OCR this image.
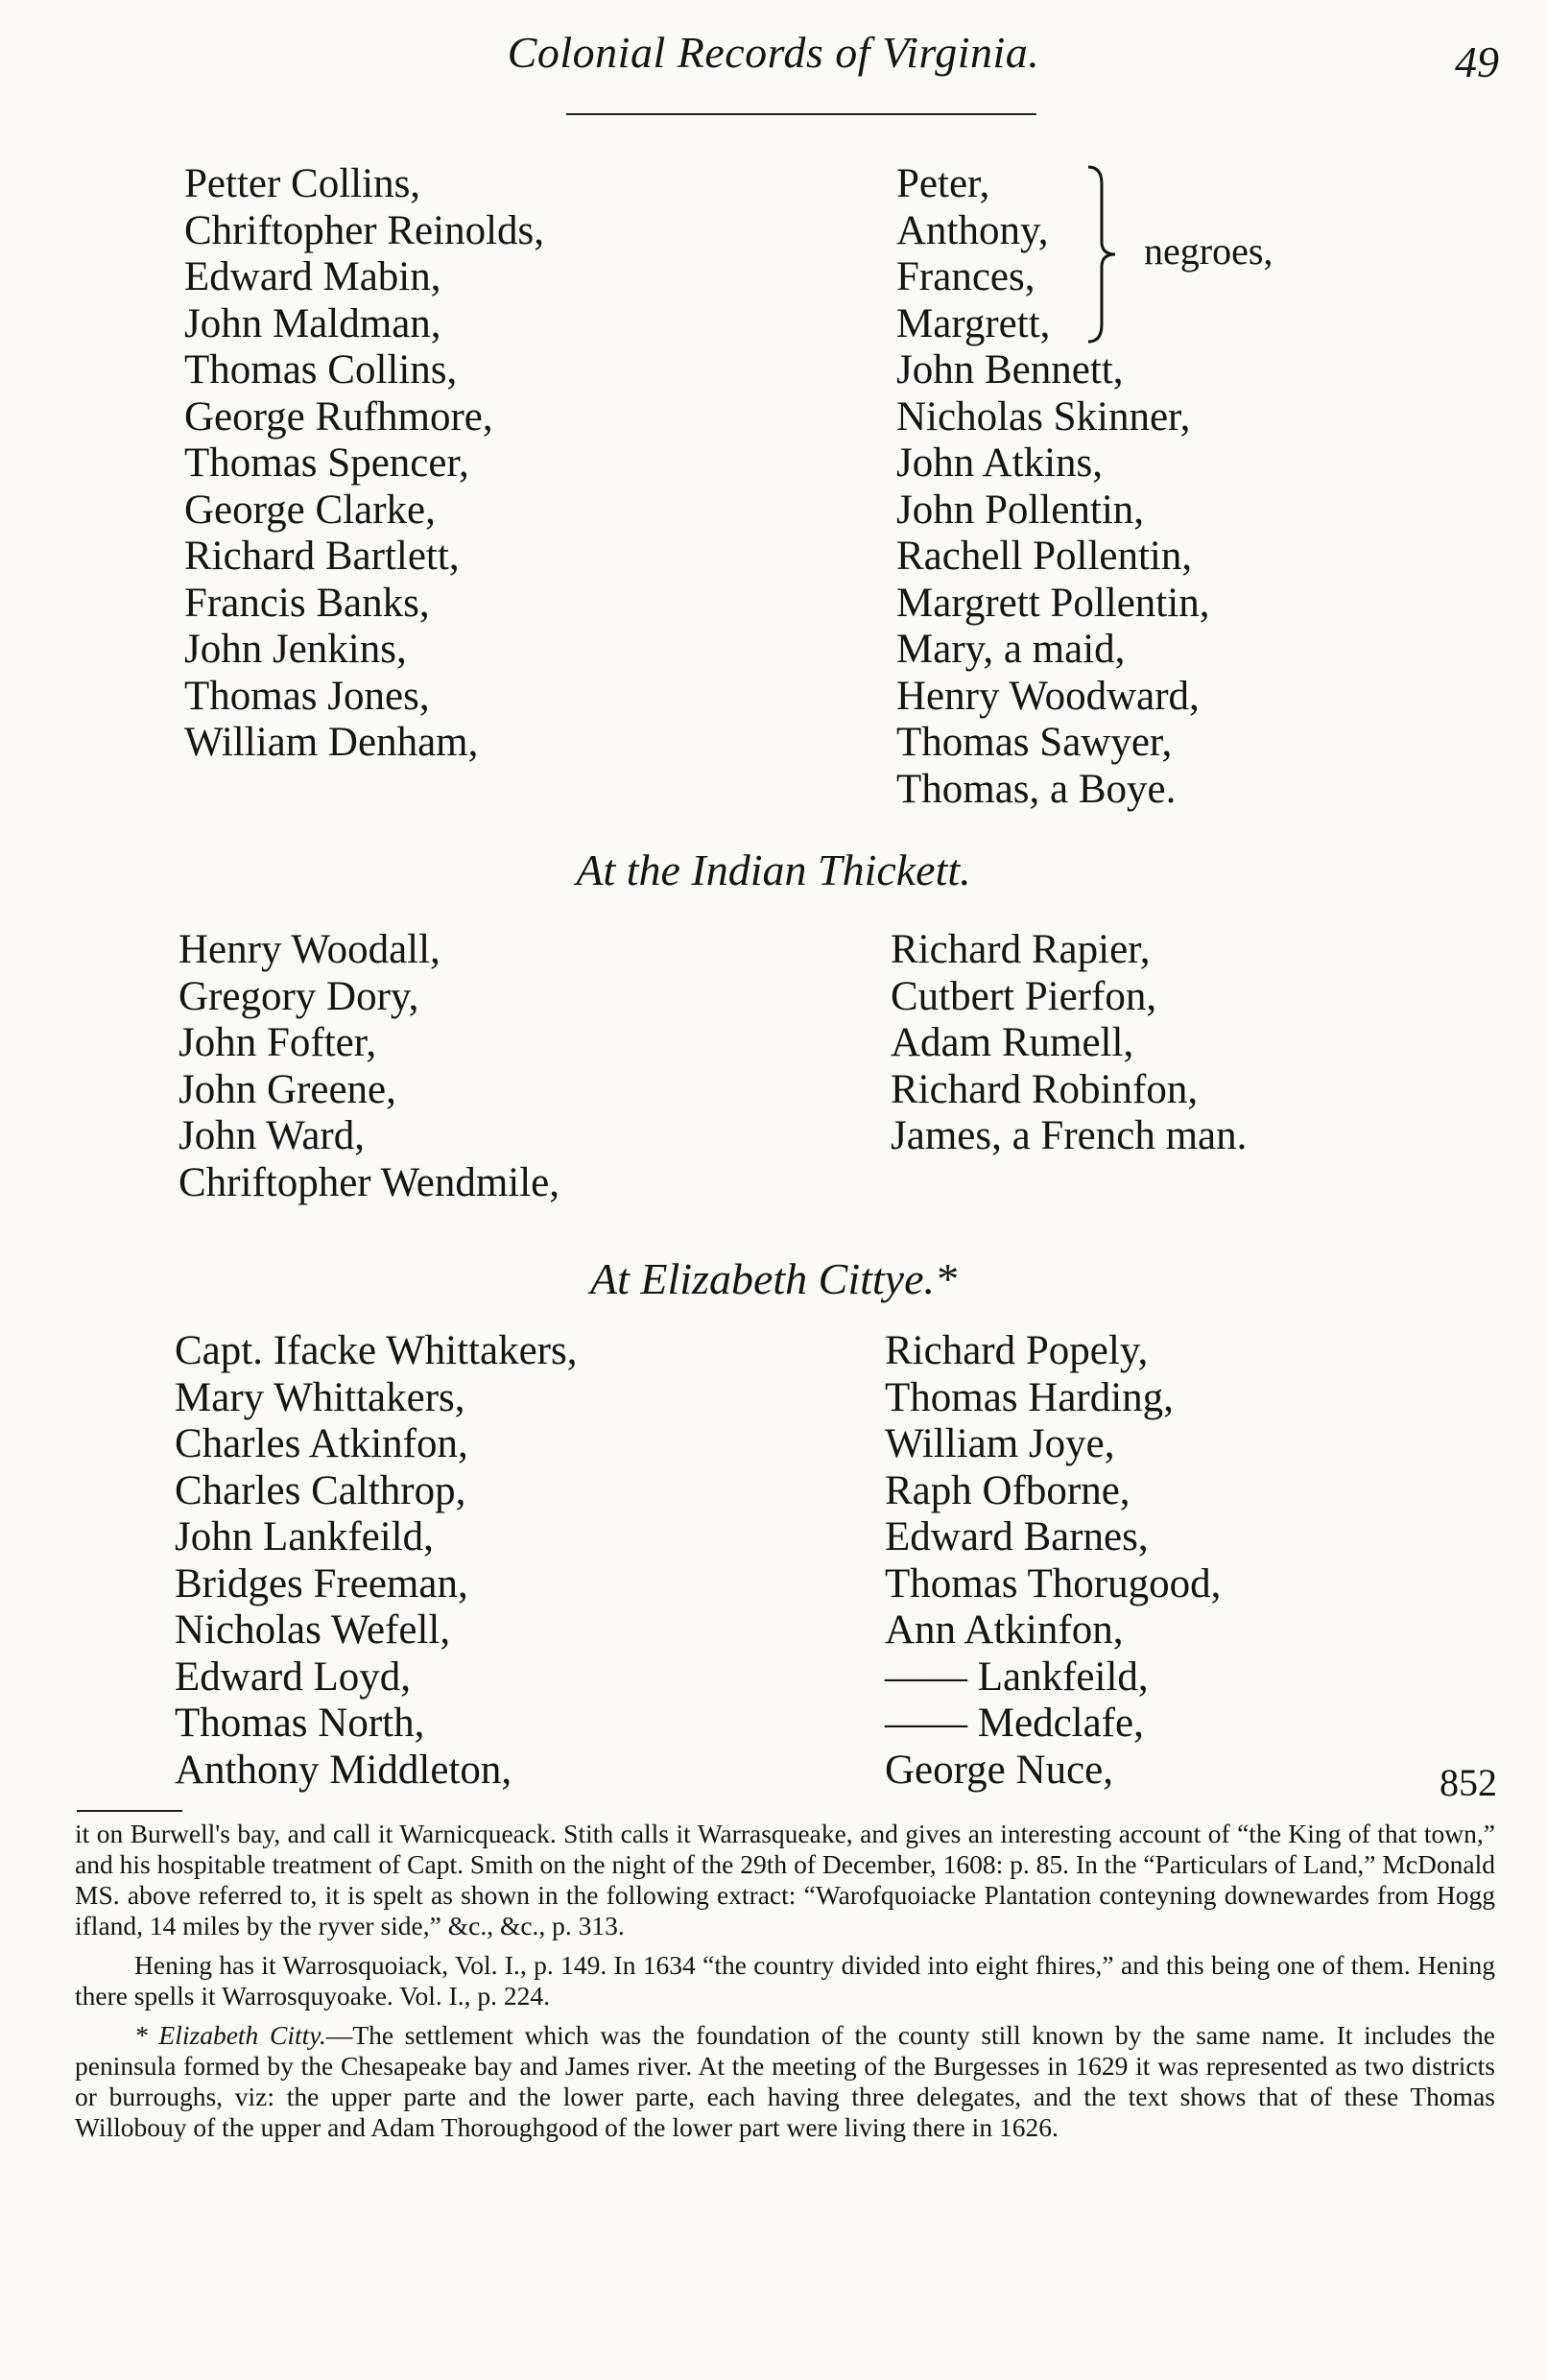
Colonial Records of Virginia.	49
Petter Collins,
Chriftopher Reinolds,
Edward Mabin,
John Maldman,
Thomas Collins,
George Rufhmore,
Thomas Spencer,
George Clarke,
Richard Bartlett,
Francis Banks,
John Jenkins,
Thomas Jones,
William Denham,
Peter,
Anthony,
Frances,
Margrett,
negroes,
John Bennett,
Nicholas Skinner,
John Atkins,
John Pollentin,
Rachell Pollentin,
Margrett Pollentin,
Mary, a maid,
Henry Woodward,
Thomas Sawyer,
Thomas, a Boye.
At the Indian Thickett.
Henry Woodall,
Gregory Dory,
John Fofter,
John Greene,
John Ward,
Chriftopher Wendmile,
Richard Rapier,
Cutbert Pierfon,
Adam Rumell,
Richard Robinfon,
James, a French man.
At Elizabeth Cittye.*
Capt. Ifacke Whittakers,
Mary Whittakers,
Charles Atkinfon,
Charles Calthrop,
John Lankfeild,
Bridges Freeman,
Nicholas Wefell,
Edward Loyd,
Thomas North,
Anthony Middleton,
Richard Popely,
Thomas Harding,
William Joye,
Raph Ofborne,
Edward Barnes,
Thomas Thorugood,
Ann Atkinfon,
—— Lankfeild,
—— Medclafe,
George Nuce,	852

it on Burwell's bay, and call it Warnicqueack. Stith calls it Warrasqueake, and gives an interesting account of “the King of that town,” and his hospitable treatment of Capt. Smith on the night of the 29th of December, 1608: p. 85. In the “Particulars of Land,” McDonald MS. above referred to, it is spelt as shown in the following extract: “Warofquoiacke Plantation conteyning downewardes from Hogg ifland, 14 miles by the ryver side,” &c., &c., p. 313.

Hening has it Warrosquoiack, Vol. I., p. 149. In 1634 “the country divided into eight fhires,” and this being one of them. Hening there spells it Warrosquyoake. Vol. I., p. 224.

* Elizabeth Citty.—The settlement which was the foundation of the county still known by the same name. It includes the peninsula formed by the Chesapeake bay and James river. At the meeting of the Burgesses in 1629 it was represented as two districts or burroughs, viz: the upper parte and the lower parte, each having three delegates, and the text shows that of these Thomas Willobouy of the upper and Adam Thoroughgood of the lower part were living there in 1626.
